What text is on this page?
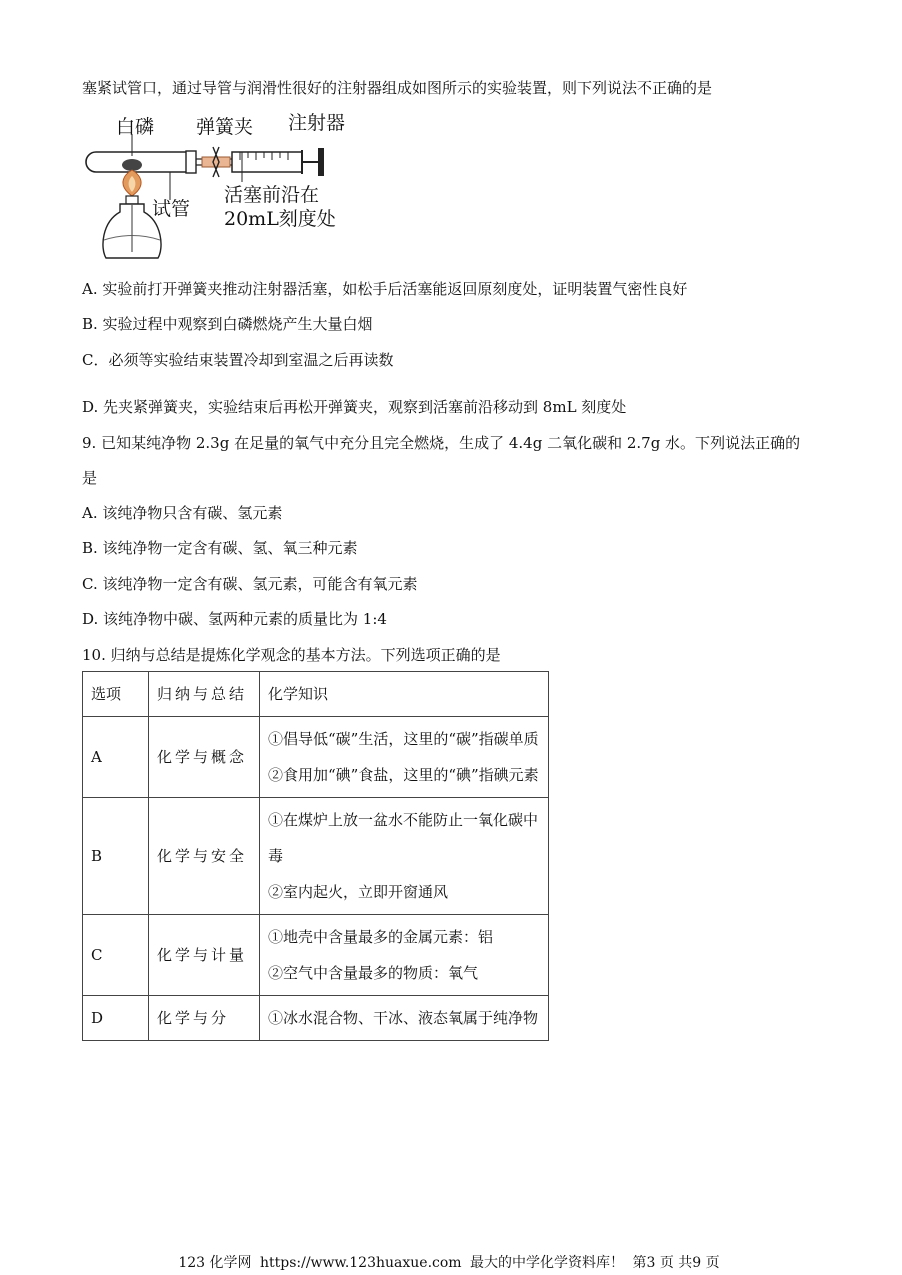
塞紧试管口，通过导管与润滑性很好的注射器组成如图所示的实验装置，则下列说法不正确的是
白磷 弹簧夹 注射器
试管
活塞前沿在
20mL刻度处
A. 实验前打开弹簧夹推动注射器活塞，如松手后活塞能返回原刻度处，证明装置气密性良好
B. 实验过程中观察到白磷燃烧产生大量白烟
C．必须等实验结束装置冷却到室温之后再读数
D. 先夹紧弹簧夹，实验结束后再松开弹簧夹，观察到活塞前沿移动到 8mL 刻度处
9. 已知某纯净物 2.3g 在足量的氧气中充分且完全燃烧，生成了 4.4g 二氧化碳和 2.7g 水。下列说法正确的
是
A. 该纯净物只含有碳、氢元素
B. 该纯净物一定含有碳、氢、氧三种元素
C. 该纯净物一定含有碳、氢元素，可能含有氧元素
D. 该纯净物中碳、氢两种元素的质量比为 1:4
10. 归纳与总结是提炼化学观念的基本方法。下列选项正确的是
选项	归纳与总结	化学知识
A	化学与概念	①倡导低“碳”生活，这里的“碳”指碳单质
②食用加“碘”食盐，这里的“碘”指碘元素

B	化学与安全	①在煤炉上放一盆水不能防止一氧化碳中毒
②室内起火，立即开窗通风

C	化学与计量	①地壳中含量最多的金属元素：铝
②空气中含量最多的物质：氧气

D	化学与分	①冰水混合物、干冰、液态氧属于纯净物
123 化学网 https://www.123huaxue.com 最大的中学化学资料库！ 第3 页 共9 页
